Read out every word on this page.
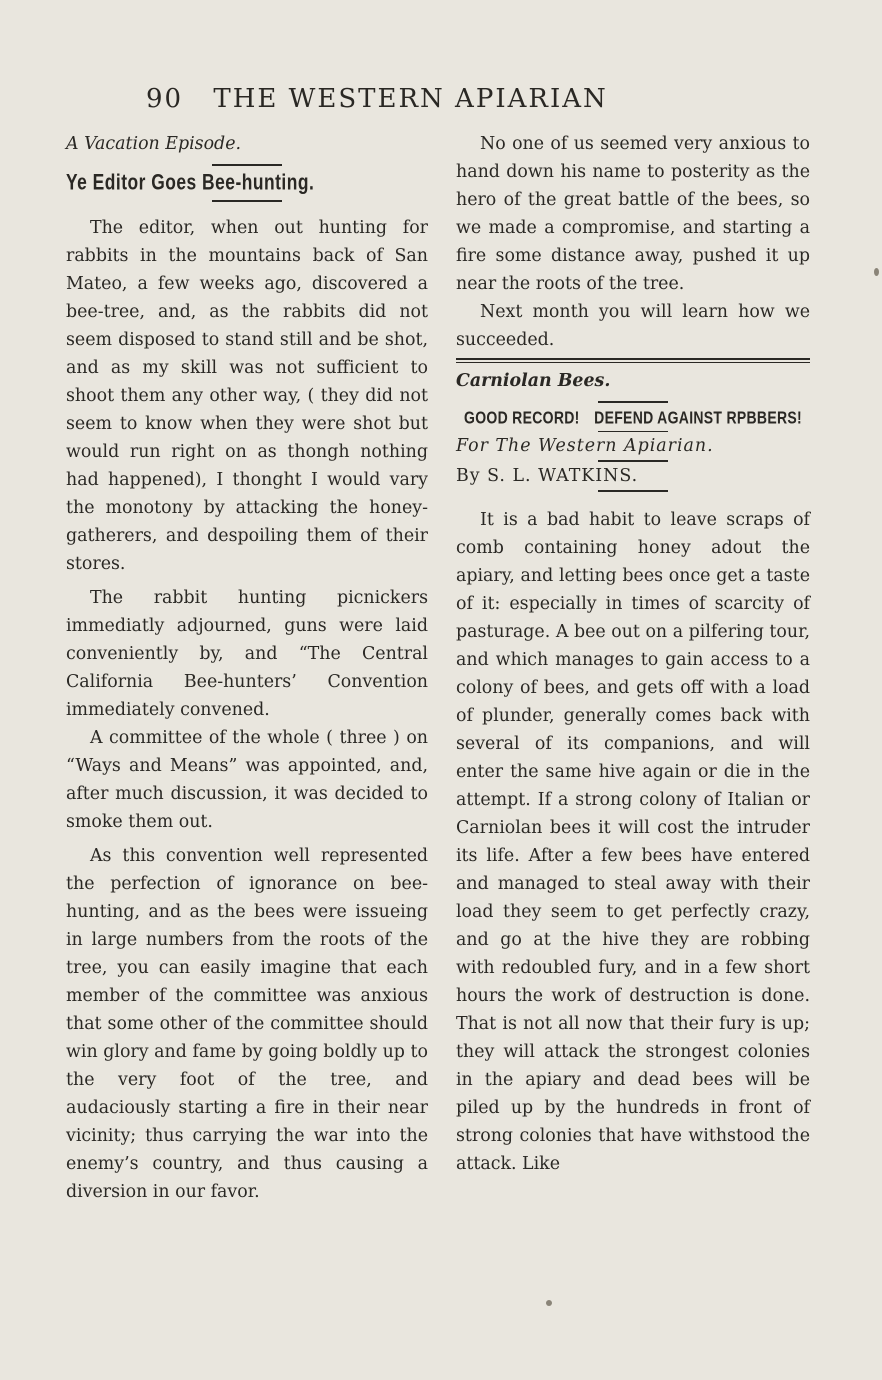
90 THE WESTERN APIARIAN

A Vacation Episode.

Ye Editor Goes Bee-hunting.

The editor, when out hunting for rabbits in the mountains back of San Mateo, a few weeks ago, discovered a bee-tree, and, as the rabbits did not seem disposed to stand still and be shot, and as my skill was not sufficient to shoot them any other way, ( they did not seem to know when they were shot but would run right on as thongh nothing had happened), I thonght I would vary the monotony by attacking the honey-gatherers, and despoiling them of their stores.

The rabbit hunting picnickers immediatly adjourned, guns were laid conveniently by, and “The Central California Bee-hunters’ Convention immediately convened.

A committee of the whole ( three ) on “Ways and Means” was appointed, and, after much discussion, it was decided to smoke them out.

As this convention well represented the perfection of ignorance on bee-hunting, and as the bees were issueing in large numbers from the roots of the tree, you can easily imagine that each member of the committee was anxious that some other of the committee should win glory and fame by going boldly up to the very foot of the tree, and audaciously starting a fire in their near vicinity; thus carrying the war into the enemy’s country, and thus causing a diversion in our favor.

No one of us seemed very anxious to hand down his name to posterity as the hero of the great battle of the bees, so we made a compromise, and starting a fire some distance away, pushed it up near the roots of the tree.

Next month you will learn how we succeeded.

Carniolan Bees.

GOOD RECORD! DEFEND AGAINST RPBBERS!

For The Western Apiarian.

By S. L. WATKINS.

It is a bad habit to leave scraps of comb containing honey adout the apiary, and letting bees once get a taste of it: especially in times of scarcity of pasturage. A bee out on a pilfering tour, and which manages to gain access to a colony of bees, and gets off with a load of plunder, generally comes back with several of its companions, and will enter the same hive again or die in the attempt. If a strong colony of Italian or Carniolan bees it will cost the intruder its life. After a few bees have entered and managed to steal away with their load they seem to get perfectly crazy, and go at the hive they are robbing with redoubled fury, and in a few short hours the work of destruction is done. That is not all now that their fury is up; they will attack the strongest colonies in the apiary and dead bees will be piled up by the hundreds in front of strong colonies that have withstood the attack. Like
